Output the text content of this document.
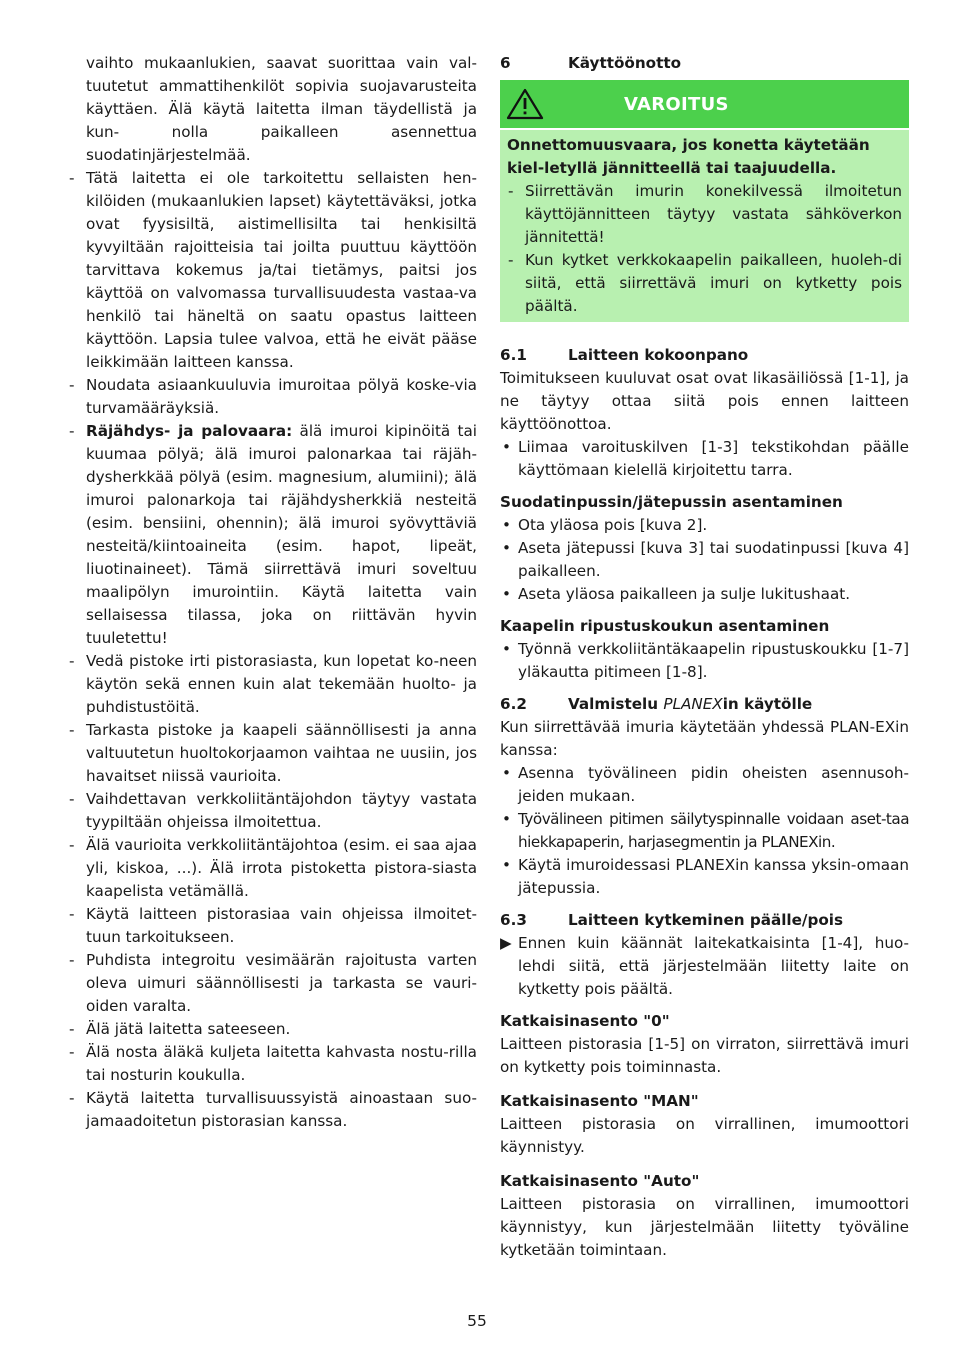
vaihto mukaanlukien, saavat suorittaa vain val- tuutetut ammattihenkilöt sopivia suojavarusteita käyttäen. Älä käytä laitetta ilman täydellistä ja kun-	nolla paikalleen asennettua suodatinjärjestelmää.
- Tätä laitetta ei ole tarkoitettu sellaisten hen-kilöiden (mukaanlukien lapset) käytettäväksi, jotka ovat fyysisiltä, aistimellisilta tai henkisiltä kyvyiltään rajoitteisia tai joilta puuttuu käyttöön tarvittava kokemus ja/tai tietämys, paitsi jos käyttöä on valvomassa turvallisuudesta vastaa-va henkilö tai häneltä on saatu opastus laitteen käyttöön. Lapsia tulee valvoa, että he eivät pääse leikkimään laitteen kanssa.
- Noudata asiaankuuluvia imuroitaa pölyä koske-via turvamääräyksiä.
- Räjähdys- ja palovaara: älä imuroi kipinöitä tai kuumaa pölyä; älä imuroi palonarkaa tai räjäh-dysherkkää pölyä (esim. magnesium, alumiini); älä imuroi palonarkoja tai räjähdysherkkiä nesteitä (esim. bensiini, ohennin); älä imuroi syövyttäviä nesteitä/kiintoaineita (esim. hapot, lipeät, liuotinaineet). Tämä siirrettävä imuri soveltuu maalipölyn imurointiin. Käytä laitetta vain sellaisessa tilassa, joka on riittävän hyvin tuuletettu!
- Vedä pistoke irti pistorasiasta, kun lopetat ko-neen käytön sekä ennen kuin alat tekemään huolto- ja puhdistustöitä.
- Tarkasta pistoke ja kaapeli säännöllisesti ja anna valtuutetun huoltokorjaamon vaihtaa ne uusiin, jos havaitset niissä vaurioita.
- Vaihdettavan verkkoliitäntäjohdon täytyy vastata tyypiltään ohjeissa ilmoitettua.
- Älä vaurioita verkkoliitäntäjohtoa (esim. ei saa ajaa yli, kiskoa, ...). Älä irrota pistoketta pistora-siasta kaapelista vetämällä.
- Käytä laitteen pistorasiaa vain ohjeissa ilmoitet-tuun tarkoitukseen.
- Puhdista integroitu vesimäärän rajoitusta varten oleva uimuri säännöllisesti ja tarkasta se vauri-oiden varalta.
- Älä jätä laitetta sateeseen.
- Älä nosta äläkä kuljeta laitetta kahvasta nostu-rilla tai nosturin koukulla.
- Käytä laitetta turvallisuussyistä ainoastaan suo-jamaadoitetun pistorasian kanssa.
6	Käyttöönotto
VAROITUS

Onnettomuusvaara, jos konetta käytetään kiel-letyllä jännitteellä tai taajuudella.

- Siirrettävän imurin konekilvessä ilmoitetun käyttöjännitteen täytyy vastata sähköverkon jännitettä!
- Kun kytket verkkokaapelin paikalleen, huoleh-di siitä, että siirrettävä imuri on kytketty pois päältä.
6.1	Laitteen kokoonpano

Toimitukseen kuuluvat osat ovat likasäiliössä [1-1], ja ne täytyy ottaa siitä pois ennen laitteen käyttöönottoa.

• Liimaa varoituskilven [1-3] tekstikohdan päälle käyttömaan kielellä kirjoitettu tarra.
Suodatinpussin/jätepussin asentaminen
• Ota yläosa pois [kuva 2].
• Aseta jätepussi [kuva 3] tai suodatinpussi [kuva 4] paikalleen.
• Aseta yläosa paikalleen ja sulje lukitushaat.
Kaapelin ripustuskoukun asentaminen
• Työnnä verkkoliitäntäkaapelin ripustuskoukku [1-7] yläkautta pitimeen [1-8].
6.2	Valmistelu PLANEXin käytölle

Kun siirrettävää imuria käytetään yhdessä PLAN-EXin kanssa:

• Asenna työvälineen pidin oheisten asennusoh-jeiden mukaan.
• Työvälineen pitimen säilytyspinnalle voidaan aset-taa hiekkapaperin, harjasegmentin ja PLANEXin.
• Käytä imuroidessasi PLANEXin kanssa yksin-omaan jätepussia.
6.3	Laitteen kytkeminen päälle/pois
▶ Ennen kuin käännät laitekatkaisinta [1-4], huo-lehdi siitä, että järjestelmään liitetty laite on kytketty pois päältä.
Katkaisinasento "0"

Laitteen pistorasia [1-5] on virraton, siirrettävä imuri on kytketty pois toiminnasta.

Katkaisinasento "MAN"

Laitteen pistorasia on virrallinen, imumoottori käynnistyy.

Katkaisinasento "Auto"

Laitteen pistorasia on virrallinen, imumoottori käynnistyy, kun järjestelmään liitetty työväline kytketään toimintaan.

55
